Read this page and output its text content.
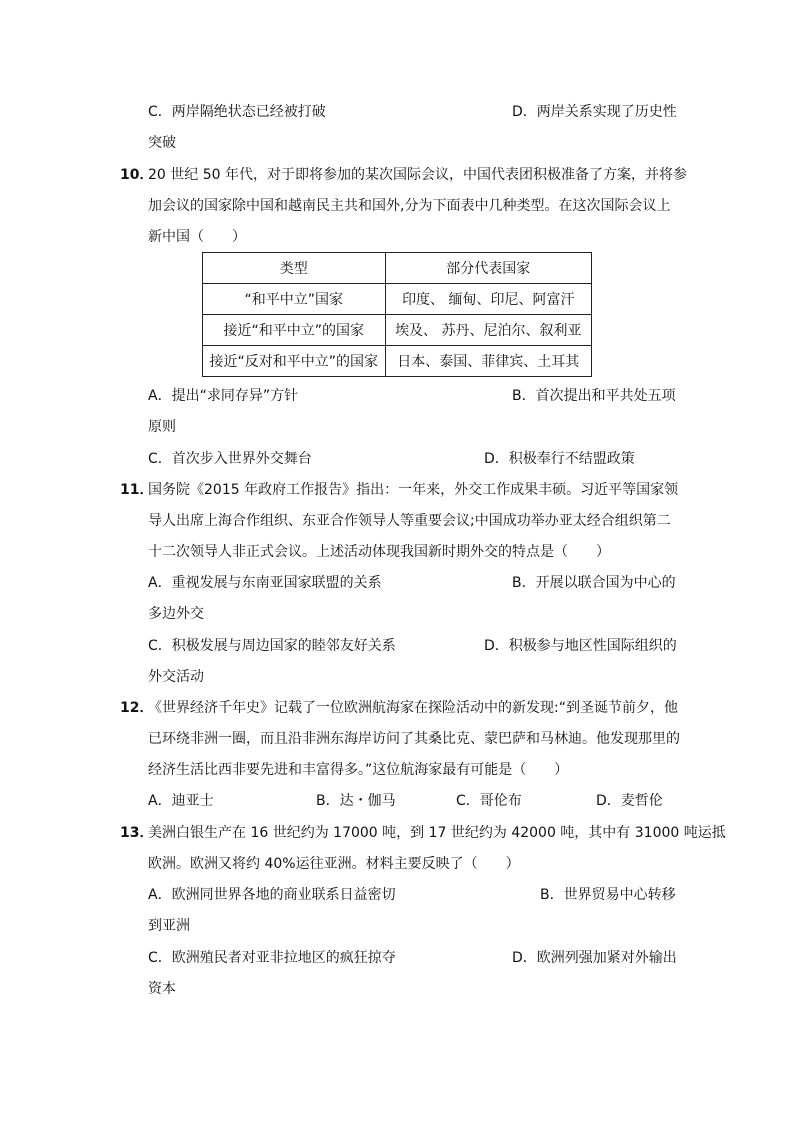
C．两岸隔绝状态已经被打破	D．两岸关系实现了历史性
突破
10．
20 世纪 50 年代，对于即将参加的某次国际会议，中国代表团积极准备了方案，并将参
加会议的国家除中国和越南民主共和国外,分为下面表中几种类型。在这次国际会议上
新中国（　　）
类型	部分代表国家
“和平中立”国家	印度、 缅甸、印尼、阿富汗
接近“和平中立”的国家	埃及、 苏丹、尼泊尔、叙利亚
接近“反对和平中立”的国家	日本、泰国、菲律宾、土耳其
A．提出“求同存异”方针	B．首次提出和平共处五项
原则
C．首次步入世界外交舞台	D．积极奉行不结盟政策
11．
国务院《2015 年政府工作报告》指出：一年来，外交工作成果丰硕。习近平等国家领
导人出席上海合作组织、东亚合作领导人等重要会议;中国成功举办亚太经合组织第二
十二次领导人非正式会议。上述活动体现我国新时期外交的特点是（　　）
A．重视发展与东南亚国家联盟的关系	B．开展以联合国为中心的
多边外交
C．积极发展与周边国家的睦邻友好关系	D．积极参与地区性国际组织的
外交活动
12．
《世界经济千年史》记载了一位欧洲航海家在探险活动中的新发现:“到圣诞节前夕，他
已环绕非洲一圈，而且沿非洲东海岸访问了其桑比克、蒙巴萨和马林迪。他发现那里的
经济生活比西非要先进和丰富得多。”这位航海家最有可能是（　　）
A．迪亚士	B．达・伽马	C．哥伦布	D．麦哲伦
13．
美洲白银生产在 16 世纪约为 17000 吨，到 17 世纪约为 42000 吨，其中有 31000 吨运抵
欧洲。欧洲又将约 40%运往亚洲。材料主要反映了（　　）
A．欧洲同世界各地的商业联系日益密切	B．世界贸易中心转移
到亚洲
C．欧洲殖民者对亚非拉地区的疯狂掠夺	D．欧洲列强加紧对外输出
资本
